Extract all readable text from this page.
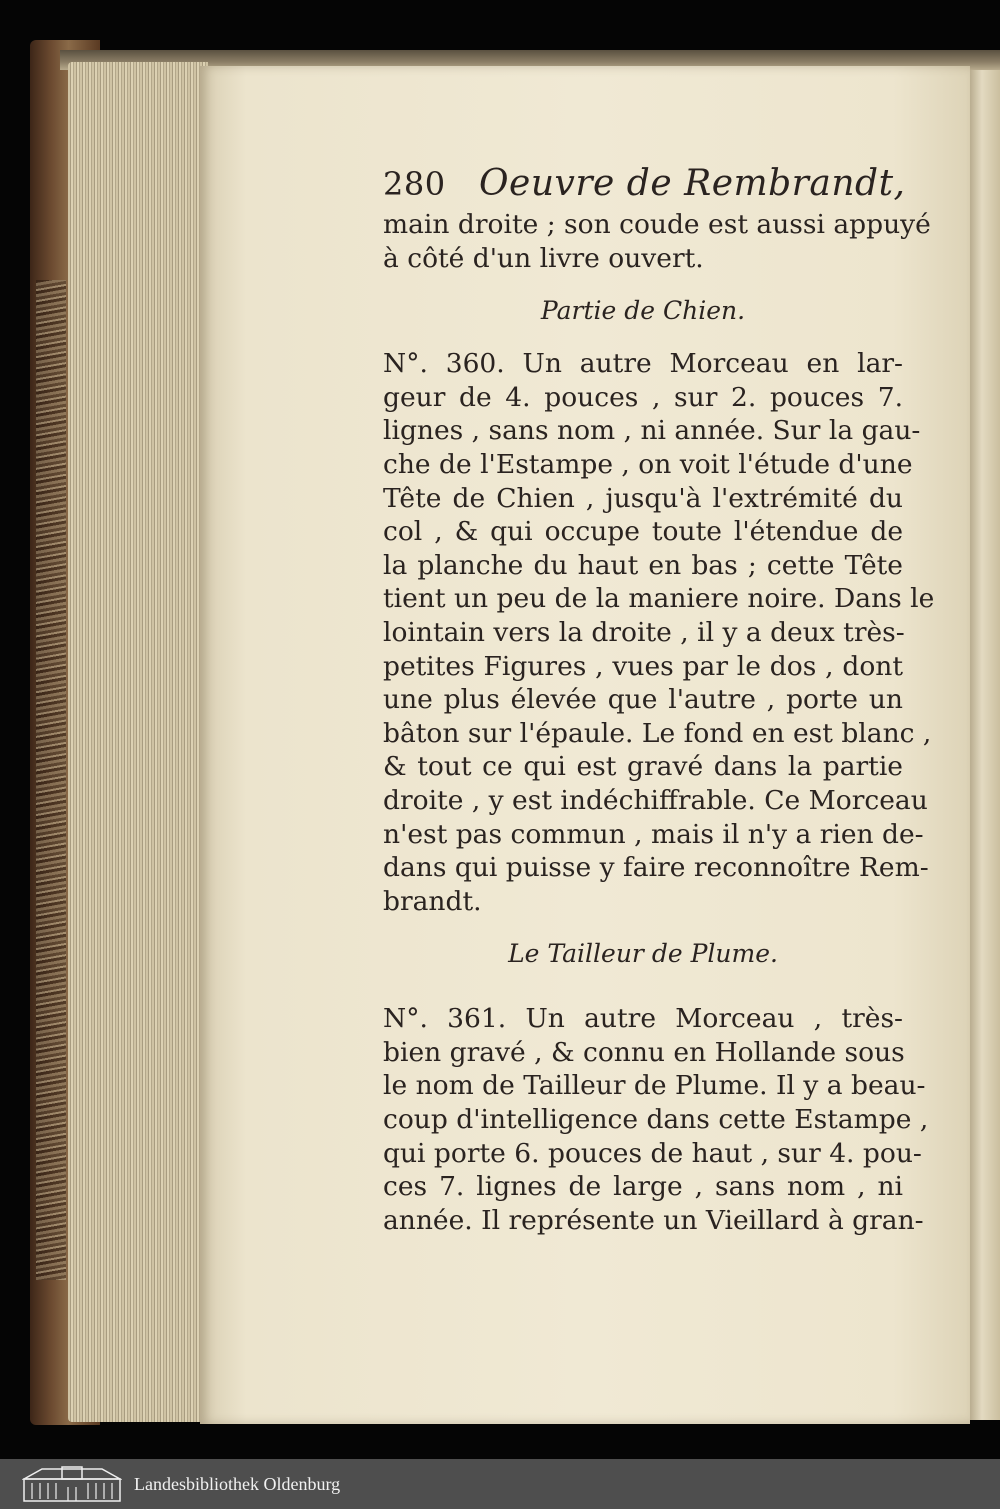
280 Oeuvre de Rembrandt,
main droite ; son coude est aussi appuyé
à côté d'un livre ouvert.
Partie de Chien.
N°. 360. Un autre Morceau en lar-
geur de 4. pouces , sur 2. pouces 7.
lignes , sans nom , ni année. Sur la gau-
che de l'Estampe , on voit l'étude d'une
Tête de Chien , jusqu'à l'extrémité du
col , & qui occupe toute l'étendue de
la planche du haut en bas ; cette Tête
tient un peu de la maniere noire. Dans le
lointain vers la droite , il y a deux très-
petites Figures , vues par le dos , dont
une plus élevée que l'autre , porte un
bâton sur l'épaule. Le fond en est blanc ,
& tout ce qui est gravé dans la partie
droite , y est indéchiffrable. Ce Morceau
n'est pas commun , mais il n'y a rien de-
dans qui puisse y faire reconnoître Rem-
brandt.
Le Tailleur de Plume.
N°. 361. Un autre Morceau , très-
bien gravé , & connu en Hollande sous
le nom de Tailleur de Plume. Il y a beau-
coup d'intelligence dans cette Estampe ,
qui porte 6. pouces de haut , sur 4. pou-
ces 7. lignes de large , sans nom , ni
année. Il représente un Vieillard à gran-
Landesbibliothek Oldenburg
